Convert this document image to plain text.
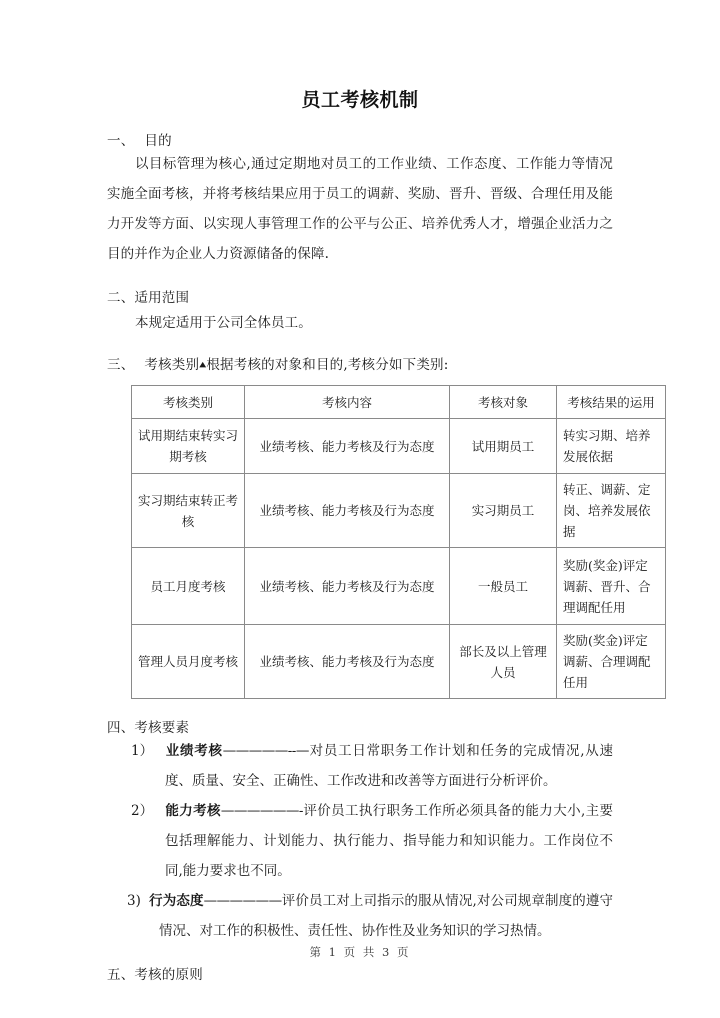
员工考核机制
一、 目的

以目标管理为核心,通过定期地对员工的工作业绩、工作态度、工作能力等情况实施全面考核，并将考核结果应用于员工的调薪、奖励、晋升、晋级、合理任用及能力开发等方面、以实现人事管理工作的公平与公正、培养优秀人才，增强企业活力之目的并作为企业人力资源储备的保障.

二、适用范围

本规定适用于公司全体员工。

三、 考核类别▲根据考核的对象和目的,考核分如下类别:
考核类别	考核内容	考核对象	考核结果的运用
试用期结束转实习期考核	业绩考核、能力考核及行为态度	试用期员工	转实习期、培养
发展依据

实习期结束转正考核	业绩考核、能力考核及行为态度	实习期员工	转正、调薪、定
岗、培养发展依
据

员工月度考核	业绩考核、能力考核及行为态度	一般员工	奖励(奖金)评定
调薪、晋升、合
理调配任用

管理人员月度考核	业绩考核、能力考核及行为态度	部长及以上管理人员	奖励(奖金)评定
调薪、合理调配
任用
四、考核要素

1） 业绩考核—————--—对员工日常职务工作计划和任务的完成情况,从速度、质量、安全、正确性、工作改进和改善等方面进行分析评价。

2） 能力考核——————-评价员工执行职务工作所必须具备的能力大小,主要包括理解能力、计划能力、执行能力、指导能力和知识能力。工作岗位不同,能力要求也不同。

3) 行为态度——————评价员工对上司指示的服从情况,对公司规章制度的遵守情况、对工作的积极性、责任性、协作性及业务知识的学习热情。

五、考核的原则
第 1 页 共 3 页
